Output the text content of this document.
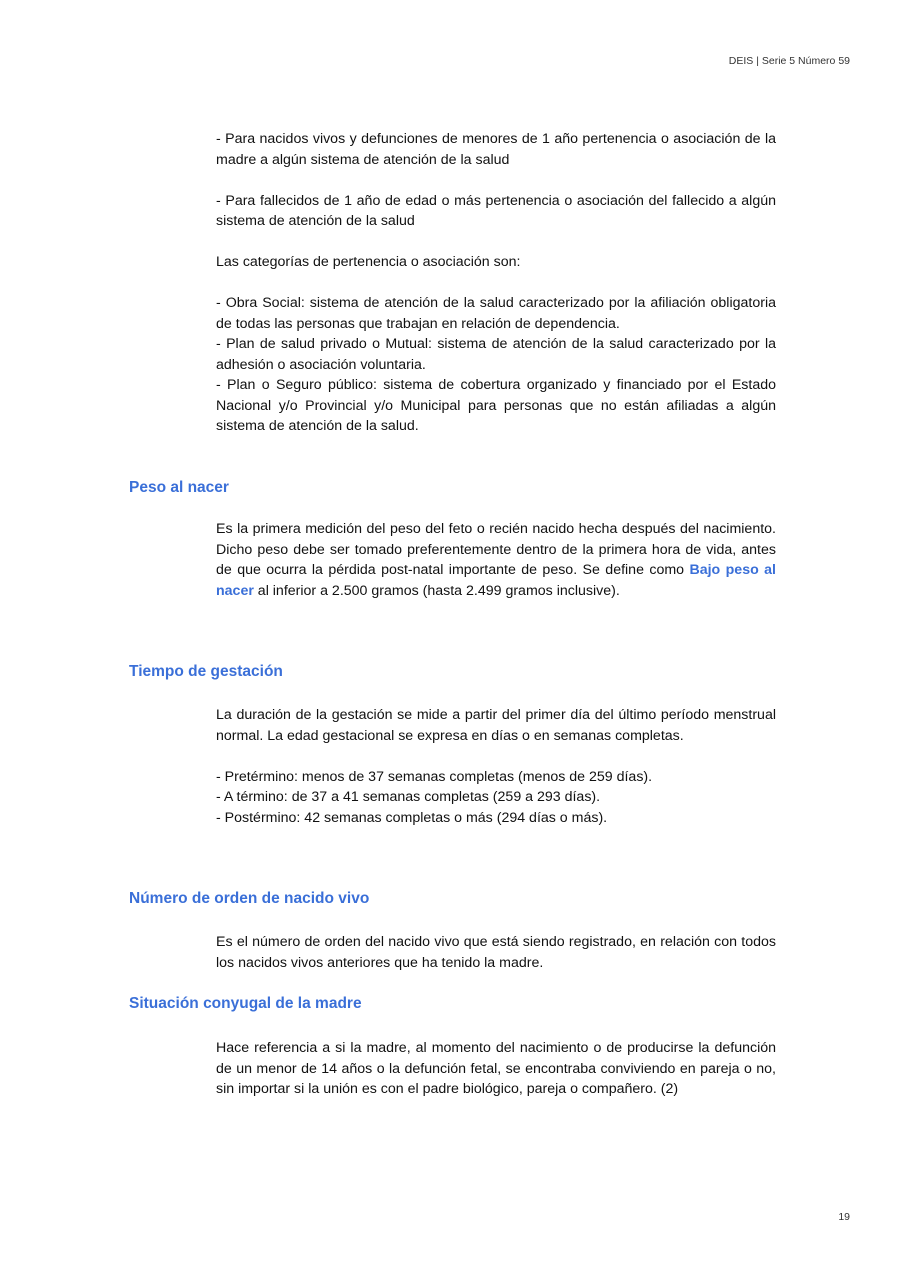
DEIS | Serie 5 Número 59

- Para nacidos vivos y defunciones de menores de 1 año pertenencia o asociación de la madre a algún sistema de atención de la salud

- Para fallecidos de 1 año de edad o más pertenencia o asociación del fallecido a algún sistema de atención de la salud

Las categorías de pertenencia o asociación son:

- Obra Social: sistema de atención de la salud caracterizado por la afiliación obligatoria de todas las personas que trabajan en relación de dependencia.

- Plan de salud privado o Mutual: sistema de atención de la salud caracterizado por la adhesión o asociación voluntaria.

- Plan o Seguro público: sistema de cobertura organizado y financiado por el Estado Nacional y/o Provincial y/o Municipal para personas que no están afiliadas a algún sistema de atención de la salud.

Peso al nacer

Es la primera medición del peso del feto o recién nacido hecha después del nacimiento. Dicho peso debe ser tomado preferentemente dentro de la primera hora de vida, antes de que ocurra la pérdida post-natal importante de peso. Se define como Bajo peso al nacer al inferior a 2.500 gramos (hasta 2.499 gramos inclusive).

Tiempo de gestación

La duración de la gestación se mide a partir del primer día del último período menstrual normal. La edad gestacional se expresa en días o en semanas completas.

- Pretérmino: menos de 37 semanas completas (menos de 259 días).

- A término: de 37 a 41 semanas completas (259 a 293 días).

- Postérmino: 42 semanas completas o más (294 días o más).

Número de orden de nacido vivo

Es el número de orden del nacido vivo que está siendo registrado, en relación con todos los nacidos vivos anteriores que ha tenido la madre.

Situación conyugal de la madre

Hace referencia a si la madre, al momento del nacimiento o de producirse la defunción de un menor de 14 años o la defunción fetal, se encontraba conviviendo en pareja o no, sin importar si la unión es con el padre biológico, pareja o compañero. (2)

19
